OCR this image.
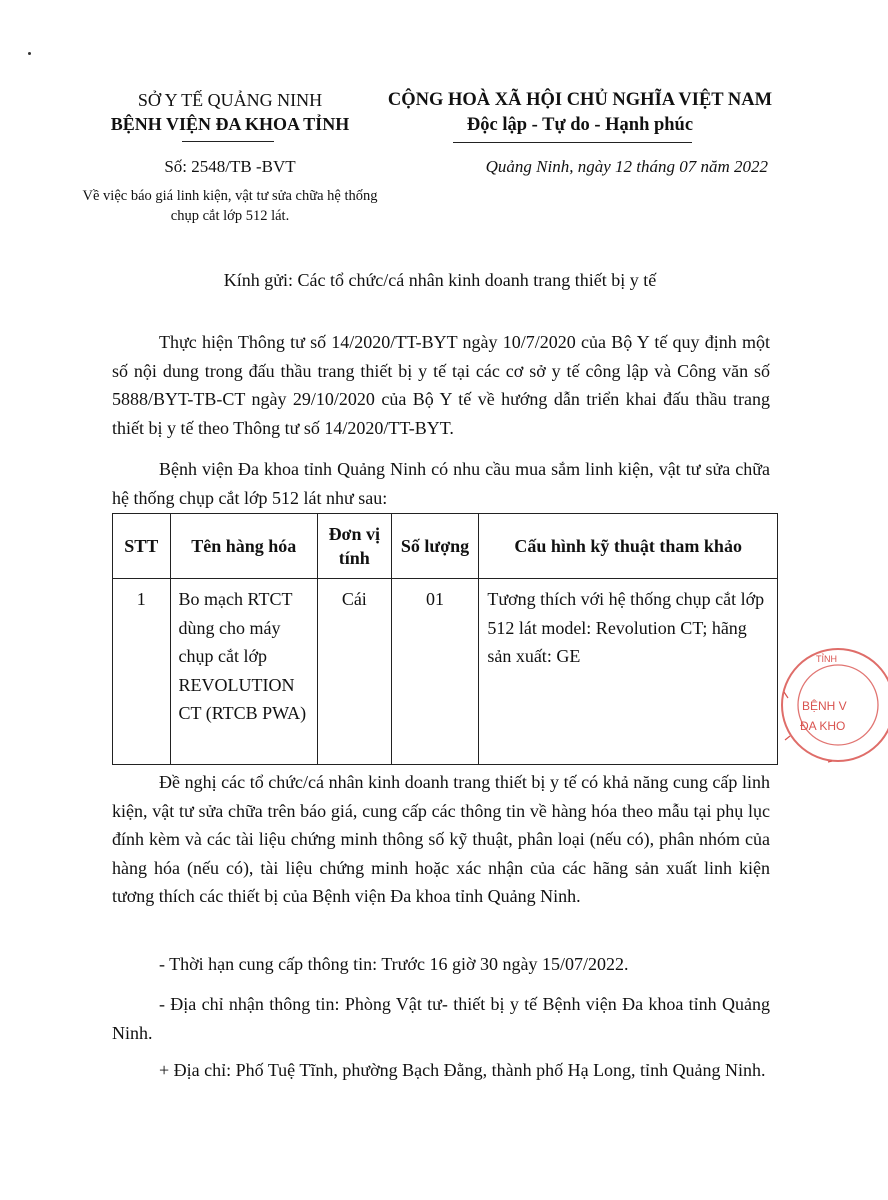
SỞ Y TẾ QUẢNG NINH
BỆNH VIỆN ĐA KHOA TỈNH
CỘNG HOÀ XÃ HỘI CHỦ NGHĨA VIỆT NAM
Độc lập - Tự do - Hạnh phúc
Số: 2548/TB -BVT	Quảng Ninh, ngày 12 tháng 07 năm 2022
Về việc báo giá linh kiện, vật tư sửa chữa hệ thống chụp cắt lớp 512 lát.
Kính gửi: Các tổ chức/cá nhân kinh doanh trang thiết bị y tế
Thực hiện Thông tư số 14/2020/TT-BYT ngày 10/7/2020 của Bộ Y tế quy định một số nội dung trong đấu thầu trang thiết bị y tế tại các cơ sở y tế công lập và Công văn số 5888/BYT-TB-CT ngày 29/10/2020 của Bộ Y tế về hướng dẫn triển khai đấu thầu trang thiết bị y tế theo Thông tư số 14/2020/TT-BYT.
Bệnh viện Đa khoa tỉnh Quảng Ninh có nhu cầu mua sắm linh kiện, vật tư sửa chữa hệ thống chụp cắt lớp 512 lát như sau:
STT	Tên hàng hóa	Đơn vị tính	Số lượng	Cấu hình kỹ thuật tham khảo
1	Bo mạch RTCT dùng cho máy chụp cắt lớp REVOLUTION CT (RTCB PWA)	Cái	01	Tương thích với hệ thống chụp cắt lớp 512 lát model: Revolution CT; hãng sản xuất: GE
Đề nghị các tổ chức/cá nhân kinh doanh trang thiết bị y tế có khả năng cung cấp linh kiện, vật tư sửa chữa trên báo giá, cung cấp các thông tin về hàng hóa theo mẫu tại phụ lục đính kèm và các tài liệu chứng minh thông số kỹ thuật, phân loại (nếu có), phân nhóm của hàng hóa (nếu có), tài liệu chứng minh hoặc xác nhận của các hãng sản xuất linh kiện tương thích các thiết bị của Bệnh viện Đa khoa tỉnh Quảng Ninh.
- Thời hạn cung cấp thông tin: Trước 16 giờ 30 ngày 15/07/2022.
- Địa chỉ nhận thông tin: Phòng Vật tư- thiết bị y tế Bệnh viện Đa khoa tỉnh Quảng Ninh.
+ Địa chỉ: Phố Tuệ Tĩnh, phường Bạch Đằng, thành phố Hạ Long, tỉnh Quảng Ninh.
TỈNH
BỆNH V
ĐA KHO
